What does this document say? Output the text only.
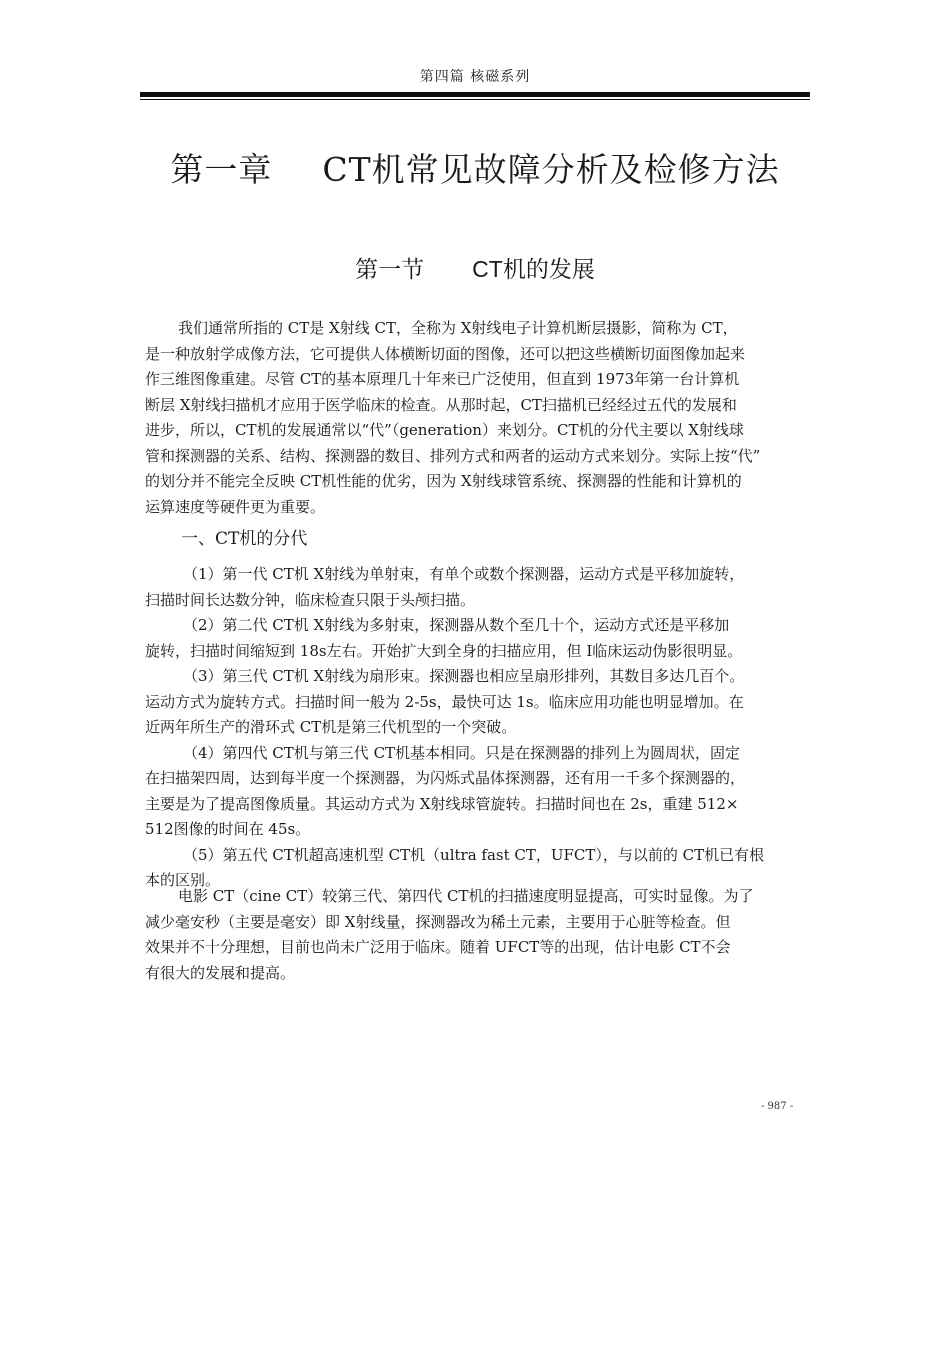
第四篇 核磁系列
第一章 CT机常见故障分析及检修方法
第一节 CT机的发展
我们通常所指的 CT是 X射线 CT，全称为 X射线电子计算机断层摄影，简称为 CT，
是一种放射学成像方法，它可提供人体横断切面的图像，还可以把这些横断切面图像加起来
作三维图像重建。尽管 CT的基本原理几十年来已广泛使用，但直到 1973年第一台计算机
断层 X射线扫描机才应用于医学临床的检查。从那时起，CT扫描机已经经过五代的发展和
进步，所以，CT机的发展通常以“代”（generation）来划分。CT机的分代主要以 X射线球
管和探测器的关系、结构、探测器的数目、排列方式和两者的运动方式来划分。实际上按“代”
的划分并不能完全反映 CT机性能的优劣，因为 X射线球管系统、探测器的性能和计算机的
运算速度等硬件更为重要。
一、CT机的分代
（1）第一代 CT机 X射线为单射束，有单个或数个探测器，运动方式是平移加旋转，
扫描时间长达数分钟，临床检查只限于头颅扫描。
（2）第二代 CT机 X射线为多射束，探测器从数个至几十个，运动方式还是平移加
旋转，扫描时间缩短到 18s左右。开始扩大到全身的扫描应用，但 I临床运动伪影很明显。
（3）第三代 CT机 X射线为扇形束。探测器也相应呈扇形排列，其数目多达几百个。
运动方式为旋转方式。扫描时间一般为 2-5s，最快可达 1s。临床应用功能也明显增加。在
近两年所生产的滑环式 CT机是第三代机型的一个突破。
（4）第四代 CT机与第三代 CT机基本相同。只是在探测器的排列上为圆周状，固定
在扫描架四周，达到每半度一个探测器，为闪烁式晶体探测器，还有用一千多个探测器的，
主要是为了提高图像质量。其运动方式为 X射线球管旋转。扫描时间也在 2s，重建 512×
512图像的时间在 45s。
（5）第五代 CT机超高速机型 CT机（ultra fast CT，UFCT），与以前的 CT机已有根
本的区别。
电影 CT（cine CT）较第三代、第四代 CT机的扫描速度明显提高，可实时显像。为了
减少毫安秒（主要是毫安）即 X射线量，探测器改为稀土元素，主要用于心脏等检查。但
效果并不十分理想，目前也尚未广泛用于临床。随着 UFCT等的出现，估计电影 CT不会
有很大的发展和提高。
- 987 -
